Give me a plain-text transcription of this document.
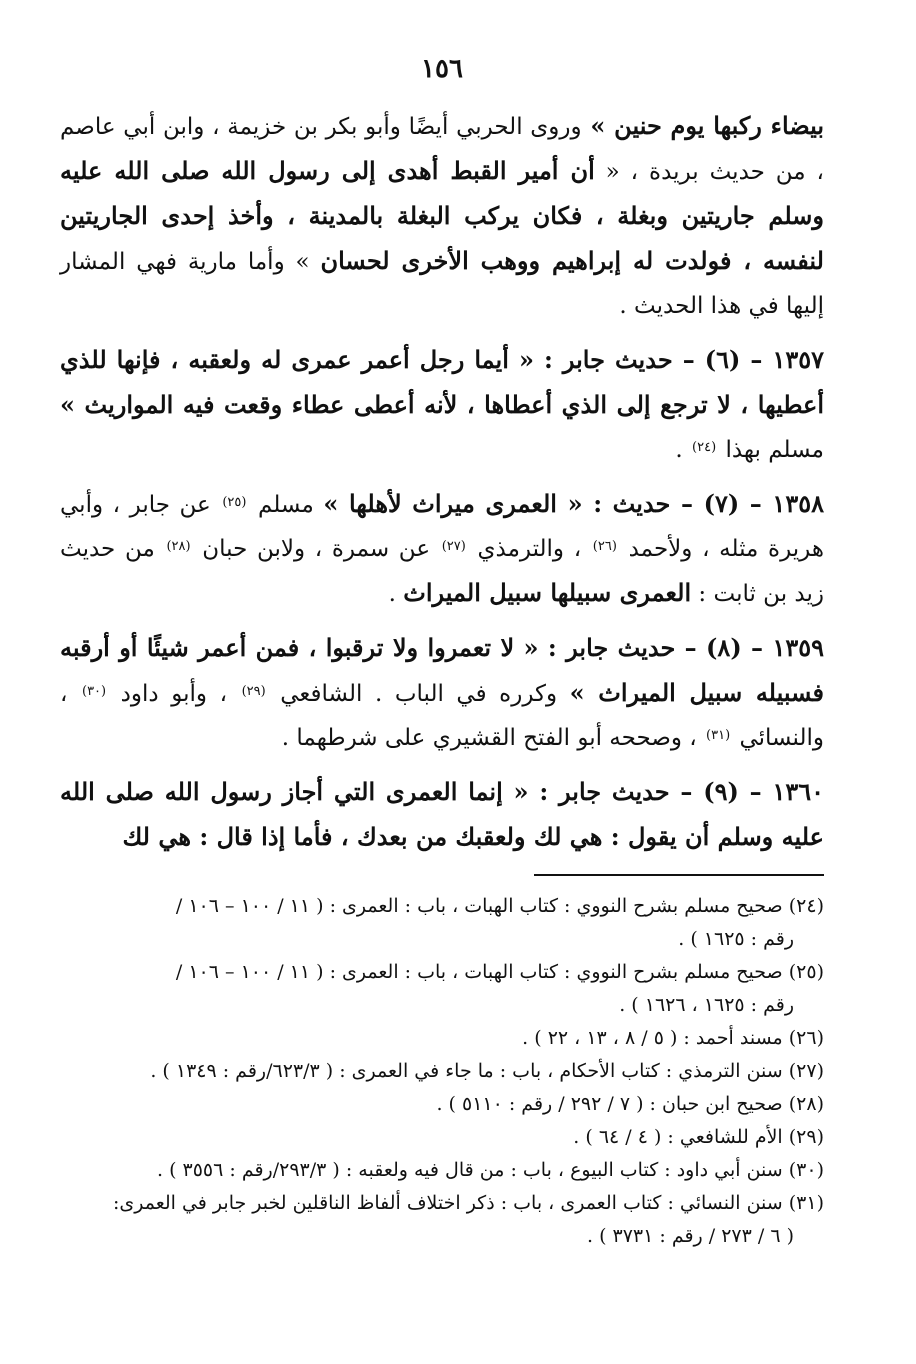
١٥٦

بيضاء ركبها يوم حنين » وروى الحربي أيضًا وأبو بكر بن خزيمة ، وابن أبي عاصم ، من حديث بريدة ، « أن أمير القبط أهدى إلى رسول الله صلى الله عليه وسلم جاريتين وبغلة ، فكان يركب البغلة بالمدينة ، وأخذ إحدى الجاريتين لنفسه ، فولدت له إبراهيم ووهب الأخرى لحسان » وأما مارية فهي المشار إليها في هذا الحديث .

١٣٥٧ – (٦) – حديث جابر : « أيما رجل أعمر عمرى له ولعقبه ، فإنها للذي أعطيها ، لا ترجع إلى الذي أعطاها ، لأنه أعطى عطاء وقعت فيه المواريث » مسلم بهذا $^{(٢٤)}$ .

١٣٥٨ – (٧) – حديث : « العمرى ميراث لأهلها » مسلم $^{(٢٥)}$ عن جابر ، وأبي هريرة مثله ، ولأحمد $^{(٢٦)}$ ، والترمذي $^{(٢٧)}$ عن سمرة ، ولابن حبان $^{(٢٨)}$ من حديث زيد بن ثابت : العمرى سبيلها سبيل الميراث .

١٣٥٩ – (٨) – حديث جابر : « لا تعمروا ولا ترقبوا ، فمن أعمر شيئًا أو أرقبه فسبيله سبيل الميراث » وكرره في الباب . الشافعي $^{(٢٩)}$ ، وأبو داود $^{(٣٠)}$ ، والنسائي $^{(٣١)}$ ، وصححه أبو الفتح القشيري على شرطهما .

١٣٦٠ – (٩) – حديث جابر : « إنما العمرى التي أجاز رسول الله صلى الله عليه وسلم أن يقول : هي لك ولعقبك من بعدك ، فأما إذا قال : هي لك

(٢٤) صحيح مسلم بشرح النووي : كتاب الهبات ، باب : العمرى : ( ١١ / ١٠٠ – ١٠٦ /
رقم : ١٦٢٥ ) .
(٢٥) صحيح مسلم بشرح النووي : كتاب الهبات ، باب : العمرى : ( ١١ / ١٠٠ – ١٠٦ /
رقم : ١٦٢٥ ، ١٦٢٦ ) .
(٢٦) مسند أحمد : ( ٥ / ٨ ، ١٣ ، ٢٢ ) .
(٢٧) سنن الترمذي : كتاب الأحكام ، باب : ما جاء في العمرى : ( ٦٢٣/٣/رقم : ١٣٤٩ ) .
(٢٨) صحيح ابن حبان : ( ٧ / ٢٩٢ / رقم : ٥١١٠ ) .
(٢٩) الأم للشافعي : ( ٤ / ٦٤ ) .
(٣٠) سنن أبي داود : كتاب البيوع ، باب : من قال فيه ولعقبه : ( ٢٩٣/٣/رقم : ٣٥٥٦ ) .
(٣١) سنن النسائي : كتاب العمرى ، باب : ذكر اختلاف ألفاظ الناقلين لخبر جابر في العمرى:
( ٦ / ٢٧٣ / رقم : ٣٧٣١ ) .
